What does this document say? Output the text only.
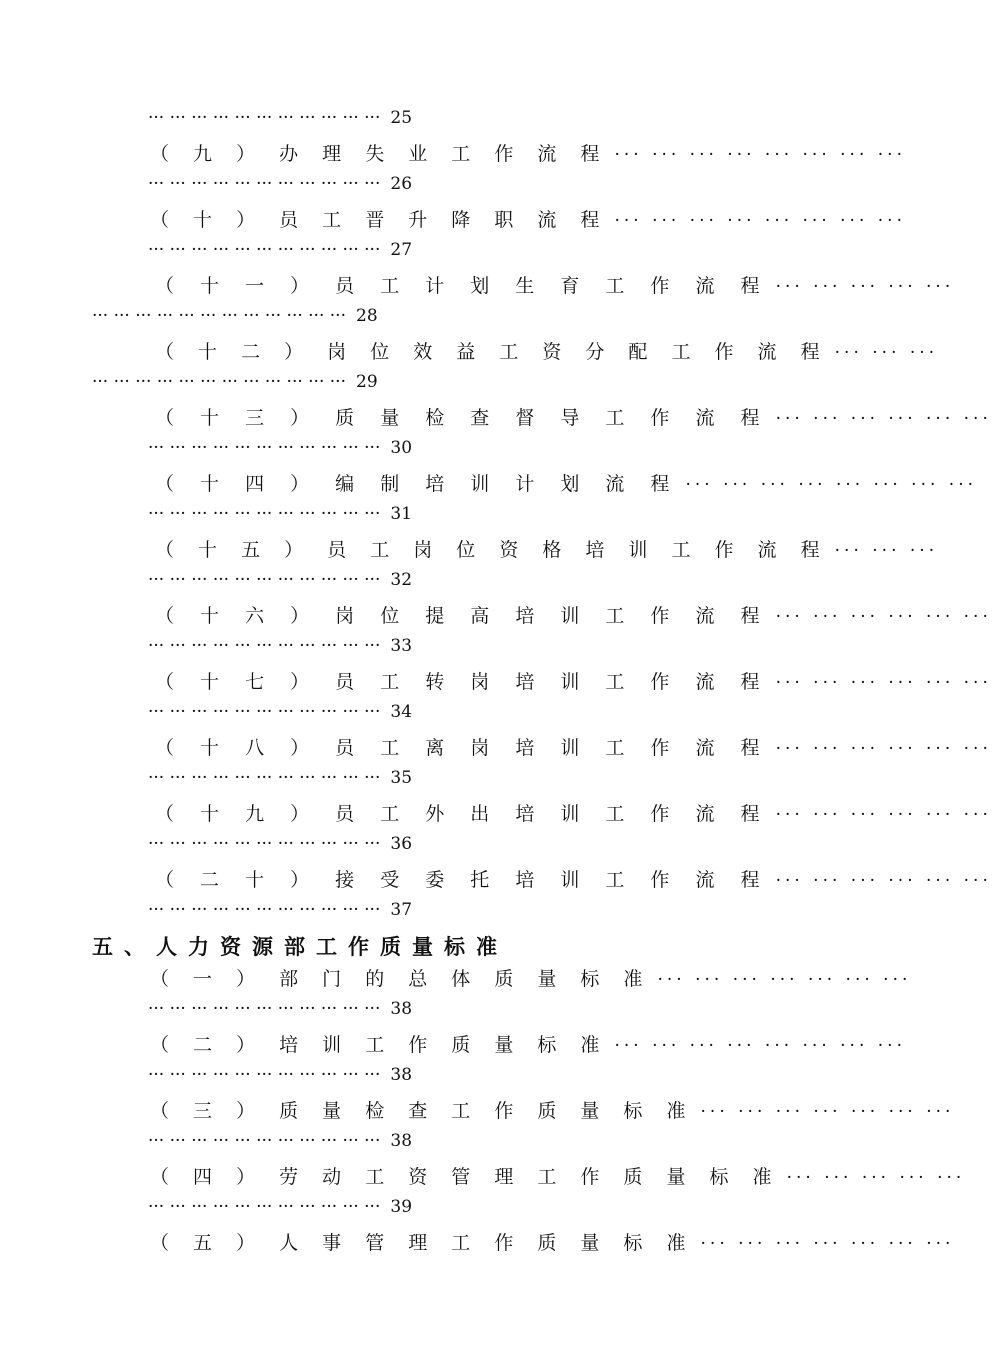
··· ··· ··· ··· ··· ··· ··· ··· ··· ··· ··· 25
（ 九 ） 办 理 失 业 工 作 流 程 ··· ··· ··· ··· ··· ··· ··· ···
··· ··· ··· ··· ··· ··· ··· ··· ··· ··· ··· 26
（ 十 ） 员 工 晋 升 降 职 流 程 ··· ··· ··· ··· ··· ··· ··· ···
··· ··· ··· ··· ··· ··· ··· ··· ··· ··· ··· 27
（ 十 一 ） 员 工 计 划 生 育 工 作 流 程 ··· ··· ··· ··· ···
··· ··· ··· ··· ··· ··· ··· ··· ··· ··· ··· ··· 28
（ 十 二 ） 岗 位 效 益 工 资 分 配 工 作 流 程 ··· ··· ···
··· ··· ··· ··· ··· ··· ··· ··· ··· ··· ··· ··· 29
（ 十 三 ） 质 量 检 查 督 导 工 作 流 程 ··· ··· ··· ··· ··· ···
··· ··· ··· ··· ··· ··· ··· ··· ··· ··· ··· 30
（ 十 四 ） 编 制 培 训 计 划 流 程 ··· ··· ··· ··· ··· ··· ··· ···
··· ··· ··· ··· ··· ··· ··· ··· ··· ··· ··· 31
（ 十 五 ） 员 工 岗 位 资 格 培 训 工 作 流 程 ··· ··· ···
··· ··· ··· ··· ··· ··· ··· ··· ··· ··· ··· 32
（ 十 六 ） 岗 位 提 高 培 训 工 作 流 程 ··· ··· ··· ··· ··· ···
··· ··· ··· ··· ··· ··· ··· ··· ··· ··· ··· 33
（ 十 七 ） 员 工 转 岗 培 训 工 作 流 程 ··· ··· ··· ··· ··· ···
··· ··· ··· ··· ··· ··· ··· ··· ··· ··· ··· 34
（ 十 八 ） 员 工 离 岗 培 训 工 作 流 程 ··· ··· ··· ··· ··· ···
··· ··· ··· ··· ··· ··· ··· ··· ··· ··· ··· 35
（ 十 九 ） 员 工 外 出 培 训 工 作 流 程 ··· ··· ··· ··· ··· ···
··· ··· ··· ··· ··· ··· ··· ··· ··· ··· ··· 36
（ 二 十 ） 接 受 委 托 培 训 工 作 流 程 ··· ··· ··· ··· ··· ···
··· ··· ··· ··· ··· ··· ··· ··· ··· ··· ··· 37
五、人力资源部工作质量标准
（ 一 ） 部 门 的 总 体 质 量 标 准 ··· ··· ··· ··· ··· ··· ···
··· ··· ··· ··· ··· ··· ··· ··· ··· ··· ··· 38
（ 二 ） 培 训 工 作 质 量 标 准 ··· ··· ··· ··· ··· ··· ··· ···
··· ··· ··· ··· ··· ··· ··· ··· ··· ··· ··· 38
（ 三 ） 质 量 检 查 工 作 质 量 标 准 ··· ··· ··· ··· ··· ··· ···
··· ··· ··· ··· ··· ··· ··· ··· ··· ··· ··· 38
（ 四 ） 劳 动 工 资 管 理 工 作 质 量 标 准 ··· ··· ··· ··· ···
··· ··· ··· ··· ··· ··· ··· ··· ··· ··· ··· 39
（ 五 ） 人 事 管 理 工 作 质 量 标 准 ··· ··· ··· ··· ··· ··· ···
